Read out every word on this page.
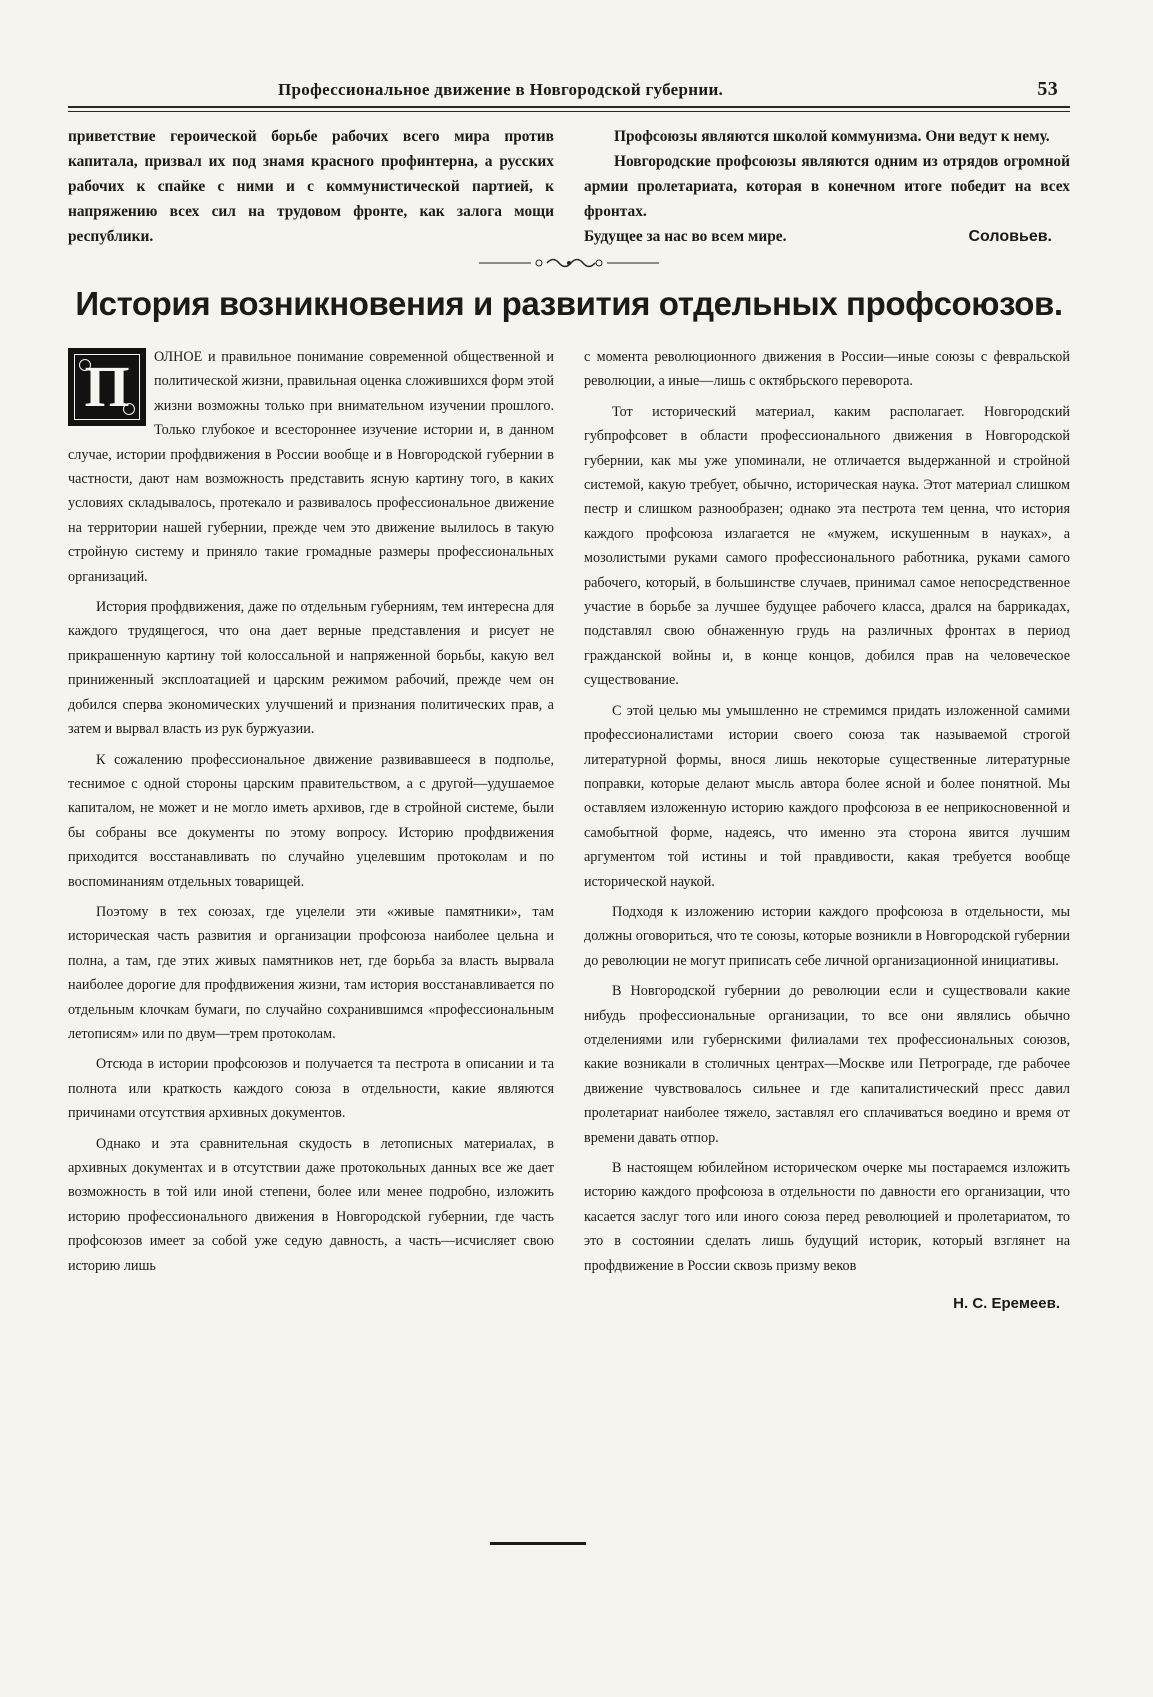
Профессиональное движение в Новгородской губернии.	53

приветствие героической борьбе рабочих всего мира против капитала, призвал их под знамя красного профинтерна, а русских рабочих к спайке с ними и с коммунистической партией, к напряжению всех сил на трудовом фронте, как залога мощи республики.

Профсоюзы являются школой коммунизма. Они ведут к нему.

Новгородские профсоюзы являются одним из отрядов огромной армии пролетариата, которая в конечном итоге победит на всех фронтах.

Будущее за нас во всем мире.	Соловьев.
История возникновения и развития отдельных профсоюзов.
П	ОЛНОЕ и правильное понимание современной общественной и политической жизни, правильная оценка сложившихся форм этой жизни возможны только при внимательном изучении прошлого. Только глубокое и всестороннее изучение истории и, в данном случае, истории профдвижения в России вообще и в Новгородской губернии в частности, дают нам возможность представить ясную картину того, в каких условиях складывалось, протекало и развивалось профессиональное движение на территории нашей губернии, прежде чем это движение вылилось в такую стройную систему и приняло такие громадные размеры профессиональных организаций.

История профдвижения, даже по отдельным губерниям, тем интересна для каждого трудящегося, что она дает верные представления и рисует не прикрашенную картину той колоссальной и напряженной борьбы, какую вел приниженный эксплоатацией и царским режимом рабочий, прежде чем он добился сперва экономических улучшений и признания политических прав, а затем и вырвал власть из рук буржуазии.

К сожалению профессиональное движение развивавшееся в подполье, теснимое с одной стороны царским правительством, а с другой—удушаемое капиталом, не может и не могло иметь архивов, где в стройной системе, были бы собраны все документы по этому вопросу. Историю профдвижения приходится восстанавливать по случайно уцелевшим протоколам и по воспоминаниям отдельных товарищей.

Поэтому в тех союзах, где уцелели эти «живые памятники», там историческая часть развития и организации профсоюза наиболее цельна и полна, а там, где этих живых памятников нет, где борьба за власть вырвала наиболее дорогие для профдвижения жизни, там история восстанавливается по отдельным клочкам бумаги, по случайно сохранившимся «профессиональным летописям» или по двум—трем протоколам.

Отсюда в истории профсоюзов и получается та пестрота в описании и та полнота или краткость каждого союза в отдельности, какие являются причинами отсутствия архивных документов.

Однако и эта сравнительная скудость в летописных материалах, в архивных документах и в отсутствии даже протокольных данных все же дает возможность в той или иной степени, более или менее подробно, изложить историю профессионального движения в Новгородской губернии, где часть профсоюзов имеет за собой уже седую давность, а часть—исчисляет свою историю лишь

с момента революционного движения в России—иные союзы с февральской революции, а иные—лишь с октябрьского переворота.

Тот исторический материал, каким располагает. Новгородский губпрофсовет в области профессионального движения в Новгородской губернии, как мы уже упоминали, не отличается выдержанной и стройной системой, какую требует, обычно, историческая наука. Этот материал слишком пестр и слишком разнообразен; однако эта пестрота тем ценна, что история каждого профсоюза излагается не «мужем, искушенным в науках», а мозолистыми руками самого профессионального работника, руками самого рабочего, который, в большинстве случаев, принимал самое непосредственное участие в борьбе за лучшее будущее рабочего класса, дрался на баррикадах, подставлял свою обнаженную грудь на различных фронтах в период гражданской войны и, в конце концов, добился прав на человеческое существование.

С этой целью мы умышленно не стремимся придать изложенной самими профессионалистами истории своего союза так называемой строгой литературной формы, внося лишь некоторые существенные литературные поправки, которые делают мысль автора более ясной и более понятной. Мы оставляем изложенную историю каждого профсоюза в ее неприкосновенной и самобытной форме, надеясь, что именно эта сторона явится лучшим аргументом той истины и той правдивости, какая требуется вообще исторической наукой.

Подходя к изложению истории каждого профсоюза в отдельности, мы должны оговориться, что те союзы, которые возникли в Новгородской губернии до революции не могут приписать себе личной организационной инициативы.

В Новгородской губернии до революции если и существовали какие нибудь профессиональные организации, то все они являлись обычно отделениями или губернскими филиалами тех профессиональных союзов, какие возникали в столичных центрах—Москве или Петрограде, где рабочее движение чувствовалось сильнее и где капиталистический пресс давил пролетариат наиболее тяжело, заставлял его сплачиваться воедино и время от времени давать отпор.

В настоящем юбилейном историческом очерке мы постараемся изложить историю каждого профсоюза в отдельности по давности его организации, что касается заслуг того или иного союза перед революцией и пролетариатом, то это в состоянии сделать лишь будущий историк, который взглянет на профдвижение в России сквозь призму веков

Н. С. Еремеев.
